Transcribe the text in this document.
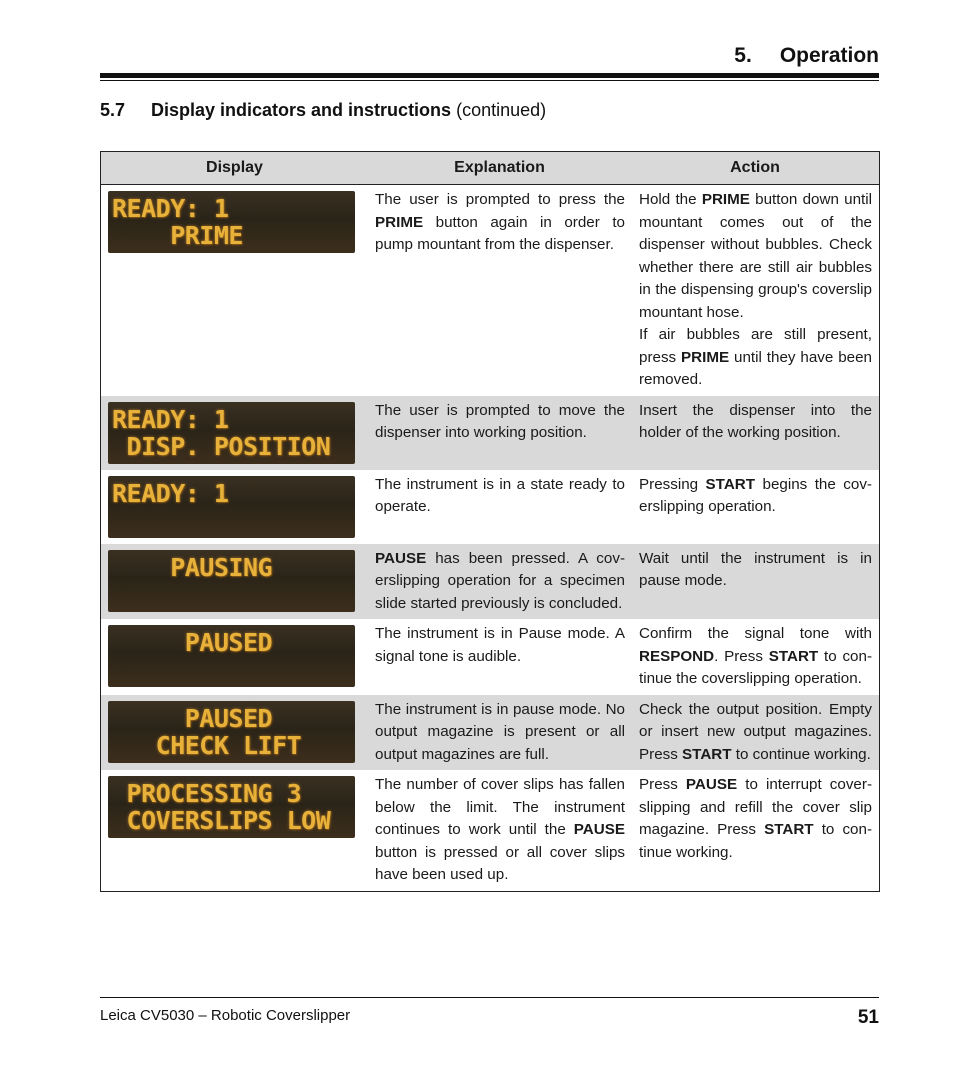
5. Operation
5.7 Display indicators and instructions (continued)
Display	Explanation	Action

READY: 1
PRIME	The user is prompted to press the PRIME button again in order to pump mountant from the dispenser.	Hold the PRIME button down until mountant comes out of the dispenser without bubbles. Check whether there are still air bubbles in the dispensing group's coverslip mountant hose.
If air bubbles are still present, press PRIME until they have been removed.

READY: 1
DISP. POSITION	The user is prompted to move the dispenser into working position.	Insert the dispenser into the holder of the working position.

READY: 1	The instrument is in a state ready to operate.	Pressing START begins the coverslipping operation.

PAUSING	PAUSE has been pressed. A coverslipping operation for a specimen slide started previously is concluded.	Wait until the instrument is in pause mode.

PAUSED	The instrument is in Pause mode. A signal tone is audible.	Confirm the signal tone with RESPOND. Press START to continue the coverslipping operation.

PAUSED
CHECK LIFT	The instrument is in pause mode. No output magazine is present or all output magazines are full.	Check the output position. Empty or insert new output magazines. Press START to continue working.

PROCESSING 3
COVERSLIPS LOW	The number of cover slips has fallen below the limit. The instrument continues to work until the PAUSE button is pressed or all cover slips have been used up.	Press PAUSE to interrupt coverslipping and refill the cover slip magazine. Press START to continue working.
Leica CV5030 – Robotic Coverslipper	51
